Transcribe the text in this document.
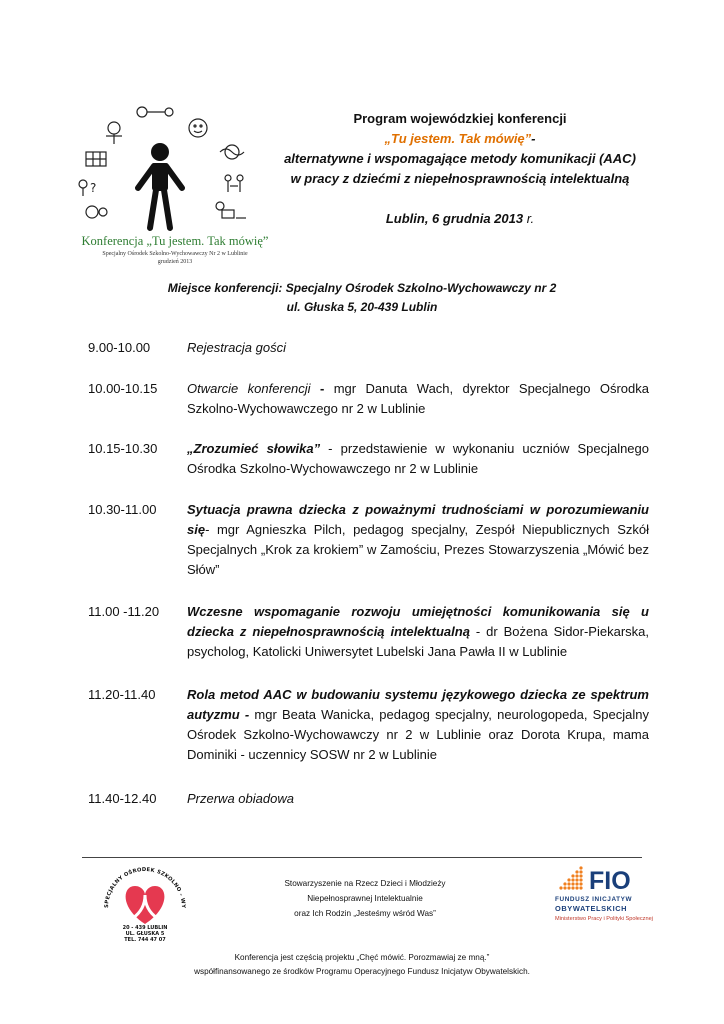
?
Konferencja „Tu jestem. Tak mówię”
Specjalny Ośrodek Szkolno-Wychowawczy Nr 2 w Lublinie
grudzień 2013
Program wojewódzkiej konferencji
„Tu jestem. Tak mówię”-
alternatywne i wspomagające metody komunikacji (AAC)
w pracy z dziećmi z niepełnosprawnością intelektualną
Lublin, 6 grudnia 2013 r.
Miejsce konferencji: Specjalny Ośrodek Szkolno-Wychowawczy nr 2
ul. Głuska 5, 20-439 Lublin
9.00-10.00	Rejestracja gości
10.00-10.15 Otwarcie konferencji - mgr Danuta Wach, dyrektor Specjalnego Ośrodka Szkolno-Wychowawczego nr 2 w Lublinie
10.15-10.30 „Zrozumieć słowika” - przedstawienie w wykonaniu uczniów Specjalnego Ośrodka Szkolno-Wychowawczego nr 2 w Lublinie
10.30-11.00 Sytuacja prawna dziecka z poważnymi trudnościami w porozumiewaniu się- mgr Agnieszka Pilch, pedagog specjalny, Zespół Niepublicznych Szkół Specjalnych „Krok za krokiem” w Zamościu, Prezes Stowarzyszenia „Mówić bez Słów”
11.00 -11.20 Wczesne wspomaganie rozwoju umiejętności komunikowania się u dziecka z niepełnosprawnością intelektualną - dr Bożena Sidor-Piekarska, psycholog, Katolicki Uniwersytet Lubelski Jana Pawła II w Lublinie
11.20-11.40 Rola metod AAC w budowaniu systemu językowego dziecka ze spektrum autyzmu - mgr Beata Wanicka, pedagog specjalny, neurologopeda, Specjalny Ośrodek Szkolno-Wychowawczy nr 2 w Lublinie oraz Dorota Krupa, mama Dominiki - uczennicy SOSW nr 2 w Lublinie
11.40-12.40 Przerwa obiadowa
SPECJALNY OŚRODEK SZKOLNO - WY
20 - 439 LUBLIN
UL. GŁUSKA 5
TEL. 744 47 07
Stowarzyszenie na Rzecz Dzieci i Młodzieży
Niepełnosprawnej Intelektualnie
oraz Ich Rodzin „Jesteśmy wśród Was”
FIO
FUNDUSZ INICJATYW
OBYWATELSKICH
Ministerstwo Pracy i Polityki Społecznej
Konferencja jest częścią projektu „Chęć mówić. Porozmawiaj ze mną.”
współfinansowanego ze środków Programu Operacyjnego Fundusz Inicjatyw Obywatelskich.
